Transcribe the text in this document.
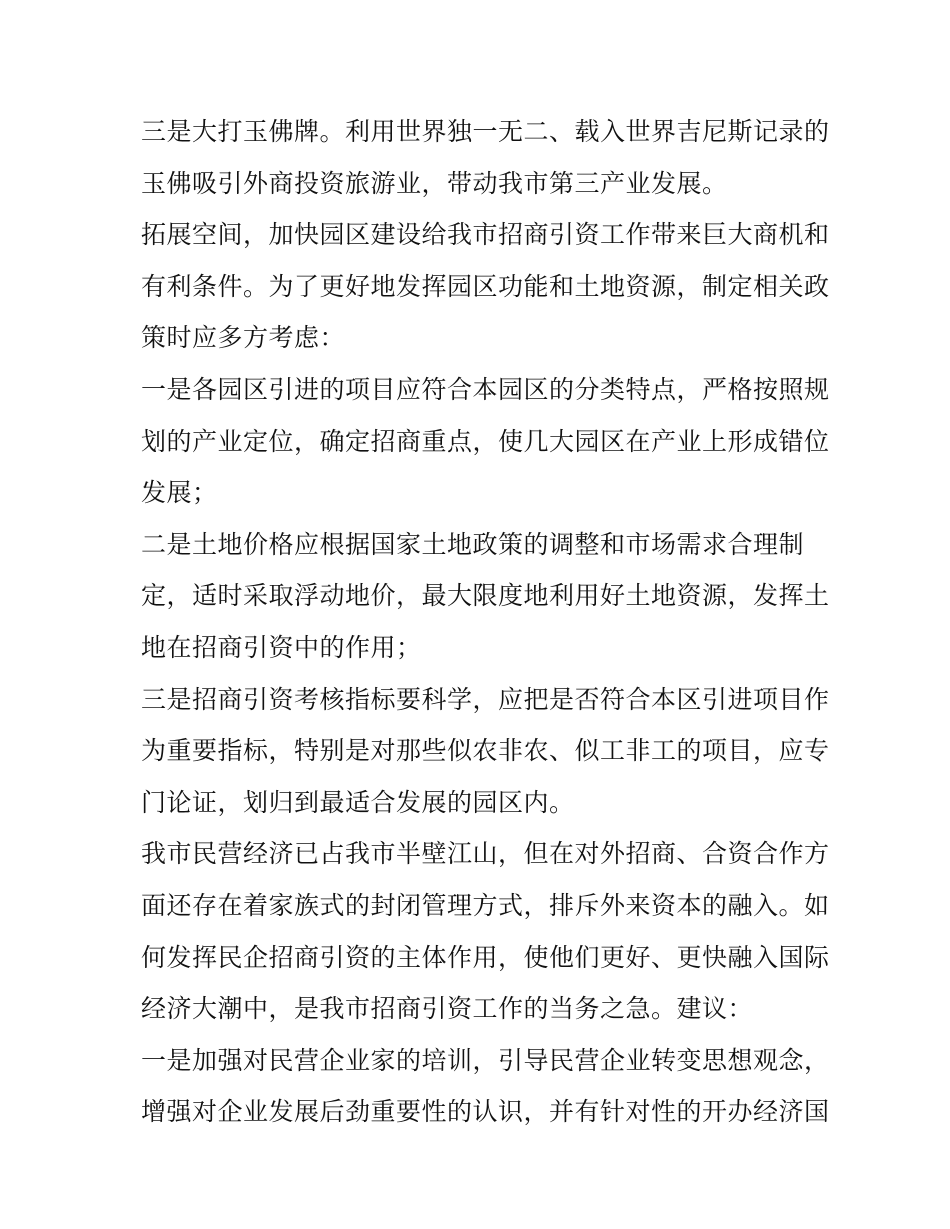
三是大打玉佛牌。利用世界独一无二、载入世界吉尼斯记录的
玉佛吸引外商投资旅游业，带动我市第三产业发展。
拓展空间，加快园区建设给我市招商引资工作带来巨大商机和
有利条件。为了更好地发挥园区功能和土地资源，制定相关政
策时应多方考虑：
一是各园区引进的项目应符合本园区的分类特点，严格按照规
划的产业定位，确定招商重点，使几大园区在产业上形成错位
发展；
二是土地价格应根据国家土地政策的调整和市场需求合理制
定，适时采取浮动地价，最大限度地利用好土地资源，发挥土
地在招商引资中的作用；
三是招商引资考核指标要科学，应把是否符合本区引进项目作
为重要指标，特别是对那些似农非农、似工非工的项目，应专
门论证，划归到最适合发展的园区内。
我市民营经济已占我市半壁江山，但在对外招商、合资合作方
面还存在着家族式的封闭管理方式，排斥外来资本的融入。如
何发挥民企招商引资的主体作用，使他们更好、更快融入国际
经济大潮中，是我市招商引资工作的当务之急。建议：
一是加强对民营企业家的培训，引导民营企业转变思想观念，
增强对企业发展后劲重要性的认识，并有针对性的开办经济国
